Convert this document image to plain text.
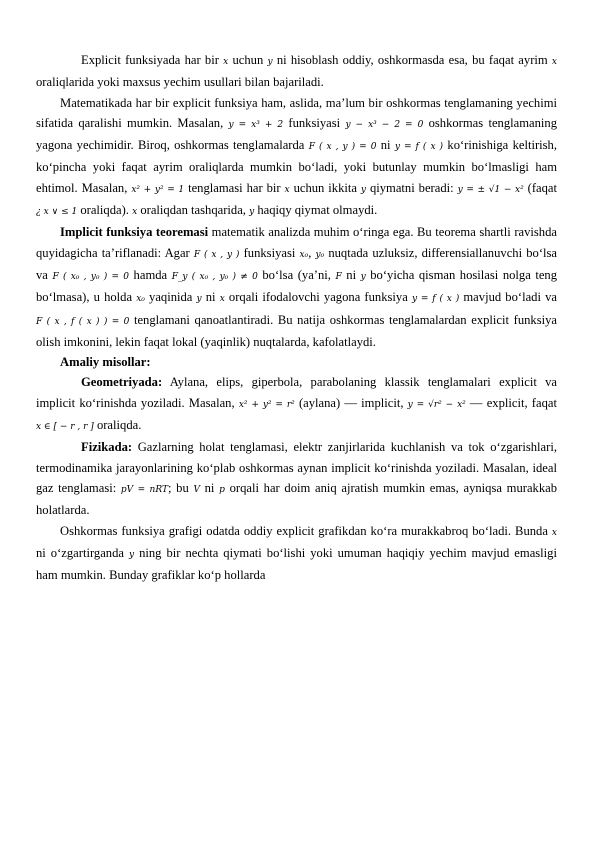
Explicit funksiyada har bir x uchun y ni hisoblash oddiy, oshkormasda esa, bu faqat ayrim x oraliqlarida yoki maxsus yechim usullari bilan bajariladi.

Matematikada har bir explicit funksiya ham, aslida, ma’lum bir oshkormas tenglamaning yechimi sifatida qaralishi mumkin. Masalan, y = x³ + 2 funksiyasi y − x³ − 2 = 0 oshkormas tenglamaning yagona yechimidir. Biroq, oshkormas tenglamalarda F ( x , y ) = 0 ni y = f ( x ) ko‘rinishiga keltirish, ko‘pincha yoki faqat ayrim oraliqlarda mumkin bo‘ladi, yoki butunlay mumkin bo‘lmasligi ham ehtimol. Masalan, x² + y² = 1 tenglamasi har bir x uchun ikkita y qiymatni beradi: y = ± √1 − x² (faqat ¿ x ∨ ≤ 1 oraliqda). x oraliqdan tashqarida, y haqiqy qiymat olmaydi.

Implicit funksiya teoremasi matematik analizda muhim o‘ringa ega. Bu teorema shartli ravishda quyidagicha ta’riflanadi: Agar F ( x , y ) funksiyasi x₀, y₀ nuqtada uzluksiz, differensiallanuvchi bo‘lsa va F ( x₀ , y₀ ) = 0 hamda F_y ( x₀ , y₀ ) ≠ 0 bo‘lsa (ya’ni, F ni y bo‘yicha qisman hosilasi nolga teng bo‘lmasa), u holda x₀ yaqinida y ni x orqali ifodalovchi yagona funksiya y = f ( x ) mavjud bo‘ladi va F ( x , f ( x ) ) = 0 tenglamani qanoatlantiradi. Bu natija oshkormas tenglamalardan explicit funksiya olish imkonini, lekin faqat lokal (yaqinlik) nuqtalarda, kafolatlaydi.

Amaliy misollar:

Geometriyada: Aylana, elips, giperbola, parabolaning klassik tenglamalari explicit va implicit ko‘rinishda yoziladi. Masalan, x² + y² = r² (aylana) — implicit, y = √r² − x² — explicit, faqat x ∈ [ − r , r ] oraliqda.

Fizikada: Gazlarning holat tenglamasi, elektr zanjirlarida kuchlanish va tok o‘zgarishlari, termodinamika jarayonlarining ko‘plab oshkormas aynan implicit ko‘rinishda yoziladi. Masalan, ideal gaz tenglamasi: pV = nRT; bu V ni p orqali har doim aniq ajratish mumkin emas, ayniqsa murakkab holatlarda.

Oshkormas funksiya grafigi odatda oddiy explicit grafikdan ko‘ra murakkabroq bo‘ladi. Bunda x ni o‘zgartirganda y ning bir nechta qiymati bo‘lishi yoki umuman haqiqiy yechim mavjud emasligi ham mumkin. Bunday grafiklar ko‘p hollarda
